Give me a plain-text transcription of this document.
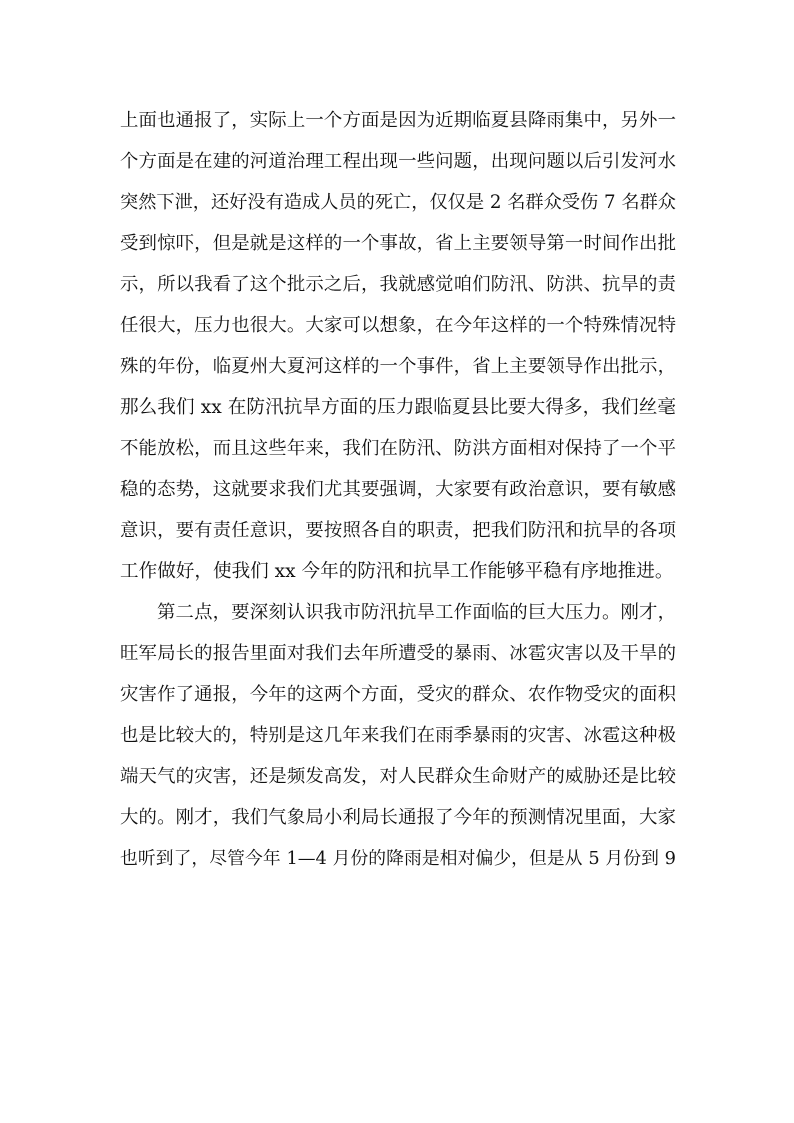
上面也通报了，实际上一个方面是因为近期临夏县降雨集中，另外一
个方面是在建的河道治理工程出现一些问题，出现问题以后引发河水
突然下泄，还好没有造成人员的死亡，仅仅是 2 名群众受伤 7 名群众
受到惊吓，但是就是这样的一个事故，省上主要领导第一时间作出批
示，所以我看了这个批示之后，我就感觉咱们防汛、防洪、抗旱的责
任很大，压力也很大。大家可以想象，在今年这样的一个特殊情况特
殊的年份，临夏州大夏河这样的一个事件，省上主要领导作出批示，
那么我们 xx 在防汛抗旱方面的压力跟临夏县比要大得多，我们丝毫
不能放松，而且这些年来，我们在防汛、防洪方面相对保持了一个平
稳的态势，这就要求我们尤其要强调，大家要有政治意识，要有敏感
意识，要有责任意识，要按照各自的职责，把我们防汛和抗旱的各项
工作做好，使我们 xx 今年的防汛和抗旱工作能够平稳有序地推进。
第二点，要深刻认识我市防汛抗旱工作面临的巨大压力。刚才，
旺军局长的报告里面对我们去年所遭受的暴雨、冰雹灾害以及干旱的
灾害作了通报，今年的这两个方面，受灾的群众、农作物受灾的面积
也是比较大的，特别是这几年来我们在雨季暴雨的灾害、冰雹这种极
端天气的灾害，还是频发高发，对人民群众生命财产的威胁还是比较
大的。刚才，我们气象局小利局长通报了今年的预测情况里面，大家
也听到了，尽管今年 1—4 月份的降雨是相对偏少，但是从 5 月份到 9
